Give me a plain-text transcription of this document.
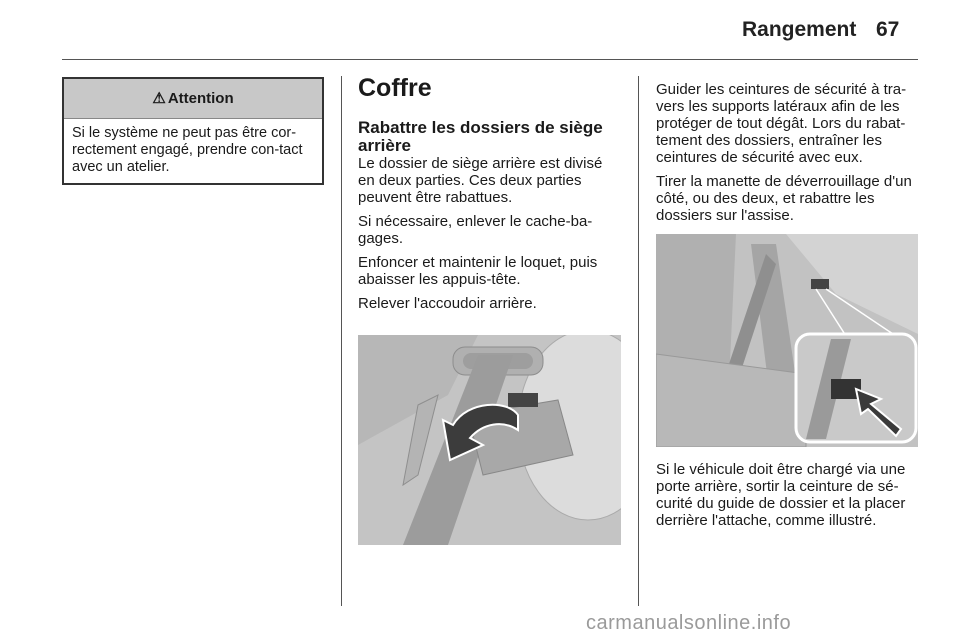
Rangement 67
⚠ Attention
Si le système ne peut pas être cor-rectement engagé, prendre con-tact avec un atelier.
Coffre
Rabattre les dossiers de siège arrière

Le dossier de siège arrière est divisé en deux parties. Ces deux parties peuvent être rabattues.

Si nécessaire, enlever le cache-ba-gages.

Enfoncer et maintenir le loquet, puis abaisser les appuis-tête.

Relever l'accoudoir arrière.

Guider les ceintures de sécurité à tra-vers les supports latéraux afin de les protéger de tout dégât. Lors du rabat-tement des dossiers, entraîner les ceintures de sécurité avec eux.

Tirer la manette de déverrouillage d'un côté, ou des deux, et rabattre les dossiers sur l'assise.

Si le véhicule doit être chargé via une porte arrière, sortir la ceinture de sé-curité du guide de dossier et la placer derrière l'attache, comme illustré.

carmanualsonline.info
